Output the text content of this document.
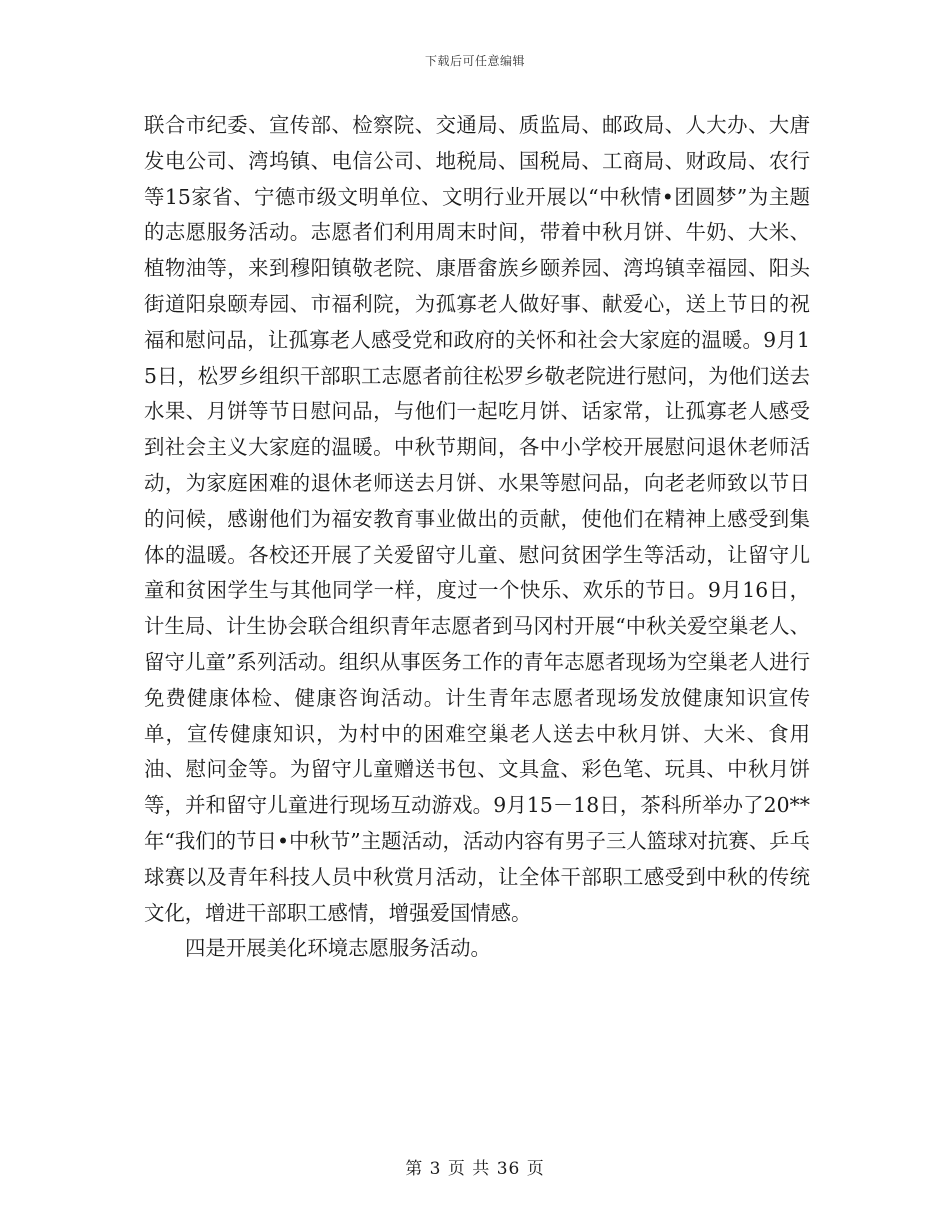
下载后可任意编辑

联合市纪委、宣传部、检察院、交通局、质监局、邮政局、人大办、大唐发电公司、湾坞镇、电信公司、地税局、国税局、工商局、财政局、农行等15家省、宁德市级文明单位、文明行业开展以“中秋情•团圆梦”为主题的志愿服务活动。志愿者们利用周末时间，带着中秋月饼、牛奶、大米、植物油等，来到穆阳镇敬老院、康厝畲族乡颐养园、湾坞镇幸福园、阳头街道阳泉颐寿园、市福利院，为孤寡老人做好事、献爱心，送上节日的祝福和慰问品，让孤寡老人感受党和政府的关怀和社会大家庭的温暖。9月15日，松罗乡组织干部职工志愿者前往松罗乡敬老院进行慰问，为他们送去水果、月饼等节日慰问品，与他们一起吃月饼、话家常，让孤寡老人感受到社会主义大家庭的温暖。中秋节期间，各中小学校开展慰问退休老师活动，为家庭困难的退休老师送去月饼、水果等慰问品，向老老师致以节日的问候，感谢他们为福安教育事业做出的贡献，使他们在精神上感受到集体的温暖。各校还开展了关爱留守儿童、慰问贫困学生等活动，让留守儿童和贫困学生与其他同学一样，度过一个快乐、欢乐的节日。9月16日，计生局、计生协会联合组织青年志愿者到马冈村开展“中秋关爱空巢老人、留守儿童”系列活动。组织从事医务工作的青年志愿者现场为空巢老人进行免费健康体检、健康咨询活动。计生青年志愿者现场发放健康知识宣传单，宣传健康知识，为村中的困难空巢老人送去中秋月饼、大米、食用油、慰问金等。为留守儿童赠送书包、文具盒、彩色笔、玩具、中秋月饼等，并和留守儿童进行现场互动游戏。9月15－18日，茶科所举办了20**年“我们的节日•中秋节”主题活动，活动内容有男子三人篮球对抗赛、乒乓球赛以及青年科技人员中秋赏月活动，让全体干部职工感受到中秋的传统文化，增进干部职工感情，增强爱国情感。

四是开展美化环境志愿服务活动。

第 3 页 共 36 页
